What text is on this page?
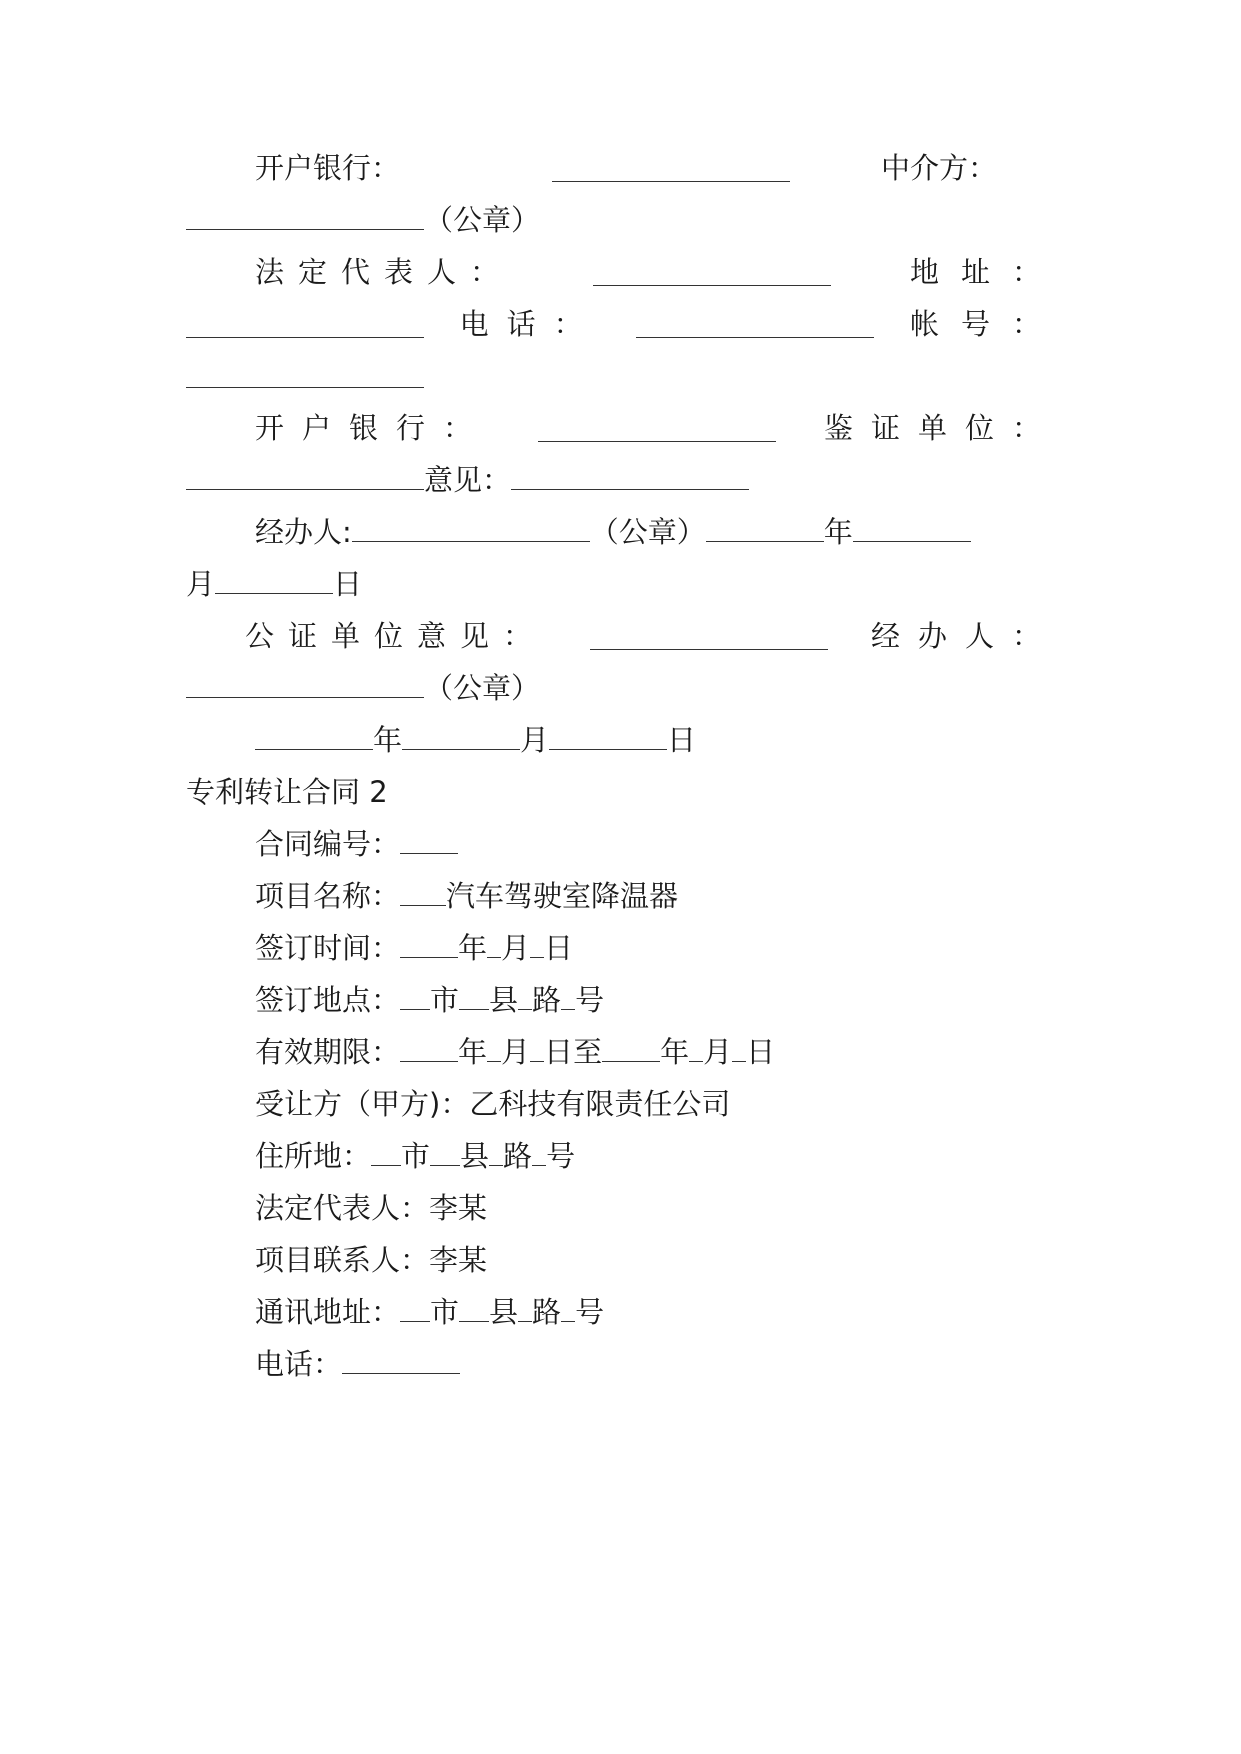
开户银行：	中介方：
（公章）
法定代表人：	地址：
电话：	帐号：
开户银行：	鉴证单位：
意见：
经办人:	（公章）	年
月	日
公证单位意见：	经办人：
（公章）
年	月	日
专利转让合同 2
合同编号：
项目名称： 汽车驾驶室降温器
签订时间： 年 月 日
签订地点： 市 县 路 号
有效期限： 年 月 日至 年 月 日
受让方（甲方)：乙科技有限责任公司
住所地： 市 县 路 号
法定代表人：李某
项目联系人：李某
通讯地址： 市 县 路 号
电话：
